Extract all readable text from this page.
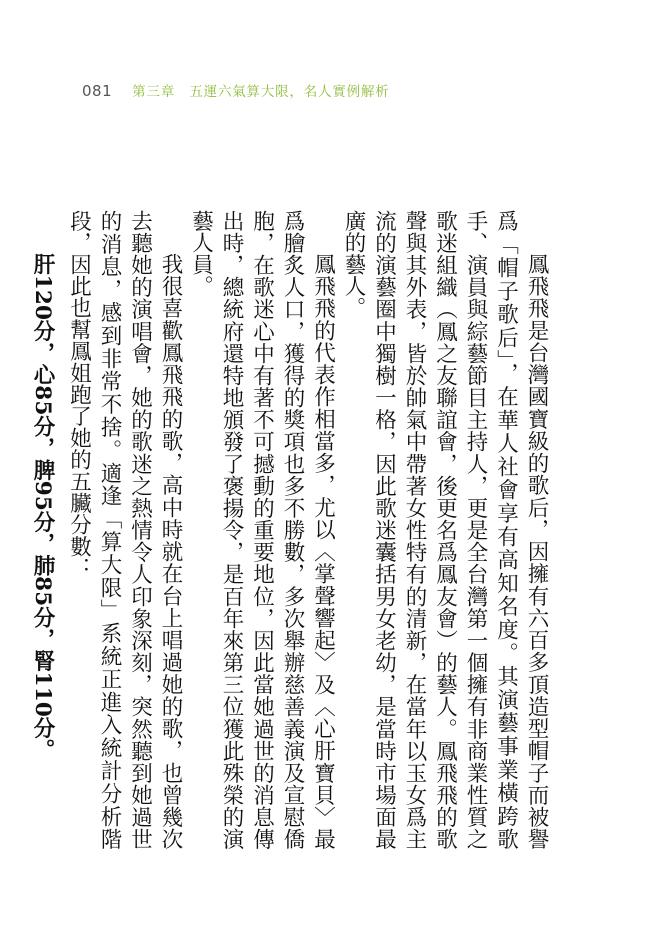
081 第三章　五運六氣算大限，名人實例解析

鳳飛飛是台灣國寶級的歌后，因擁有六百多頂造型帽子而被譽爲「帽子歌后」，在華人社會享有高知名度。其演藝事業橫跨歌手、演員與綜藝節目主持人，更是全台灣第一個擁有非商業性質之歌迷組織（鳳之友聯誼會，後更名爲鳳友會）的藝人。鳳飛飛的歌聲與其外表，皆於帥氣中帶著女性特有的清新，在當年以玉女爲主流的演藝圈中獨樹一格，因此歌迷囊括男女老幼，是當時市場面最廣的藝人。

鳳飛飛的代表作相當多，尤以〈掌聲響起〉及〈心肝寶貝〉最爲膾炙人口，獲得的獎項也多不勝數，多次舉辦慈善義演及宣慰僑胞，在歌迷心中有著不可撼動的重要地位，因此當她過世的消息傳出時，總統府還特地頒發了褒揚令，是百年來第三位獲此殊榮的演藝人員。

我很喜歡鳳飛飛的歌，高中時就在台上唱過她的歌，也曾幾次去聽她的演唱會，她的歌迷之熱情令人印象深刻，突然聽到她過世的消息，感到非常不捨。適逢「算大限」系統正進入統計分析階段，因此也幫鳳姐跑了她的五臟分數：

肝120分，心85分，脾95分，肺85分，腎110分。
